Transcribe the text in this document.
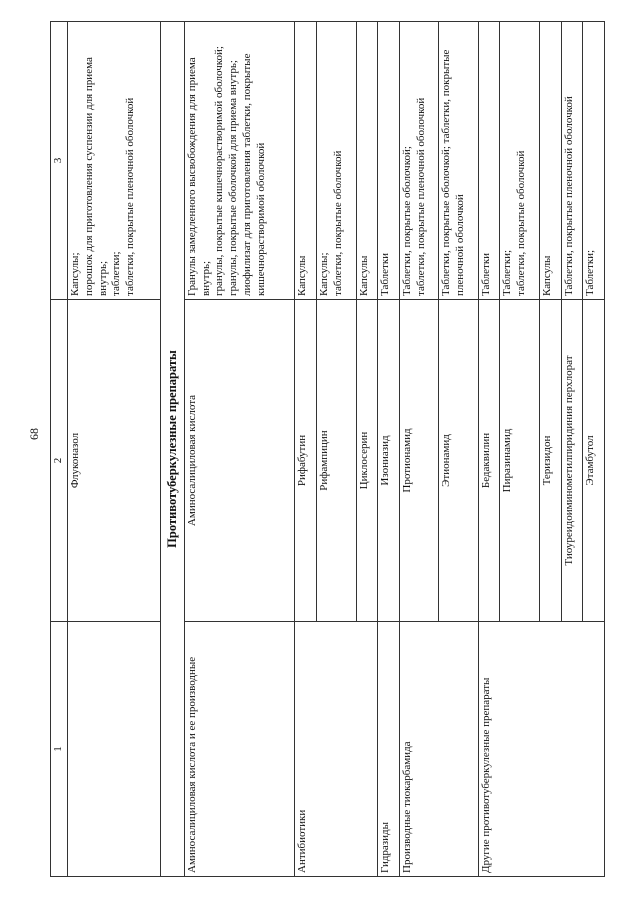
68
1	2	3
	Флуконазол	Капсулы; порошок для приготовления суспензии для приема внутрь; таблетки; таблетки, покрытые пленочной оболочкой

Противотуберкулезные препараты		
Аминосалициловая кислота и ее производные	Аминосалициловая кислота	Гранулы замедленного высвобождения для приема внутрь; гранулы, покрытые кишечнорастворимой оболочкой; гранулы, покрытые оболочкой для приема внутрь; лиофилизат для приготовления таблетки, покрытые кишечнорастворимой оболочкой

Антибиотики	Рифабутин	Капсулы

	Рифампицин	Капсулы; таблетки, покрытые оболочкой

	Циклосерин	Капсулы

Гидразиды	Изониазид	Таблетки

Производные тиокарбамида	Протионамид	Таблетки, покрытые оболочкой; таблетки, покрытые пленочной оболочкой

	Этионамид	Таблетки, покрытые оболочкой; таблетки, покрытые пленочной оболочкой

Другие противотуберкулезные препараты	Бедаквилин	Таблетки

	Пиразинамид	Таблетки; таблетки, покрытые оболочкой

	Теризидон	Капсулы

	Тиоуреидоиминометилпиридиния перхлорат	Таблетки, покрытые пленочной оболочкой

	Этамбутол	Таблетки;
